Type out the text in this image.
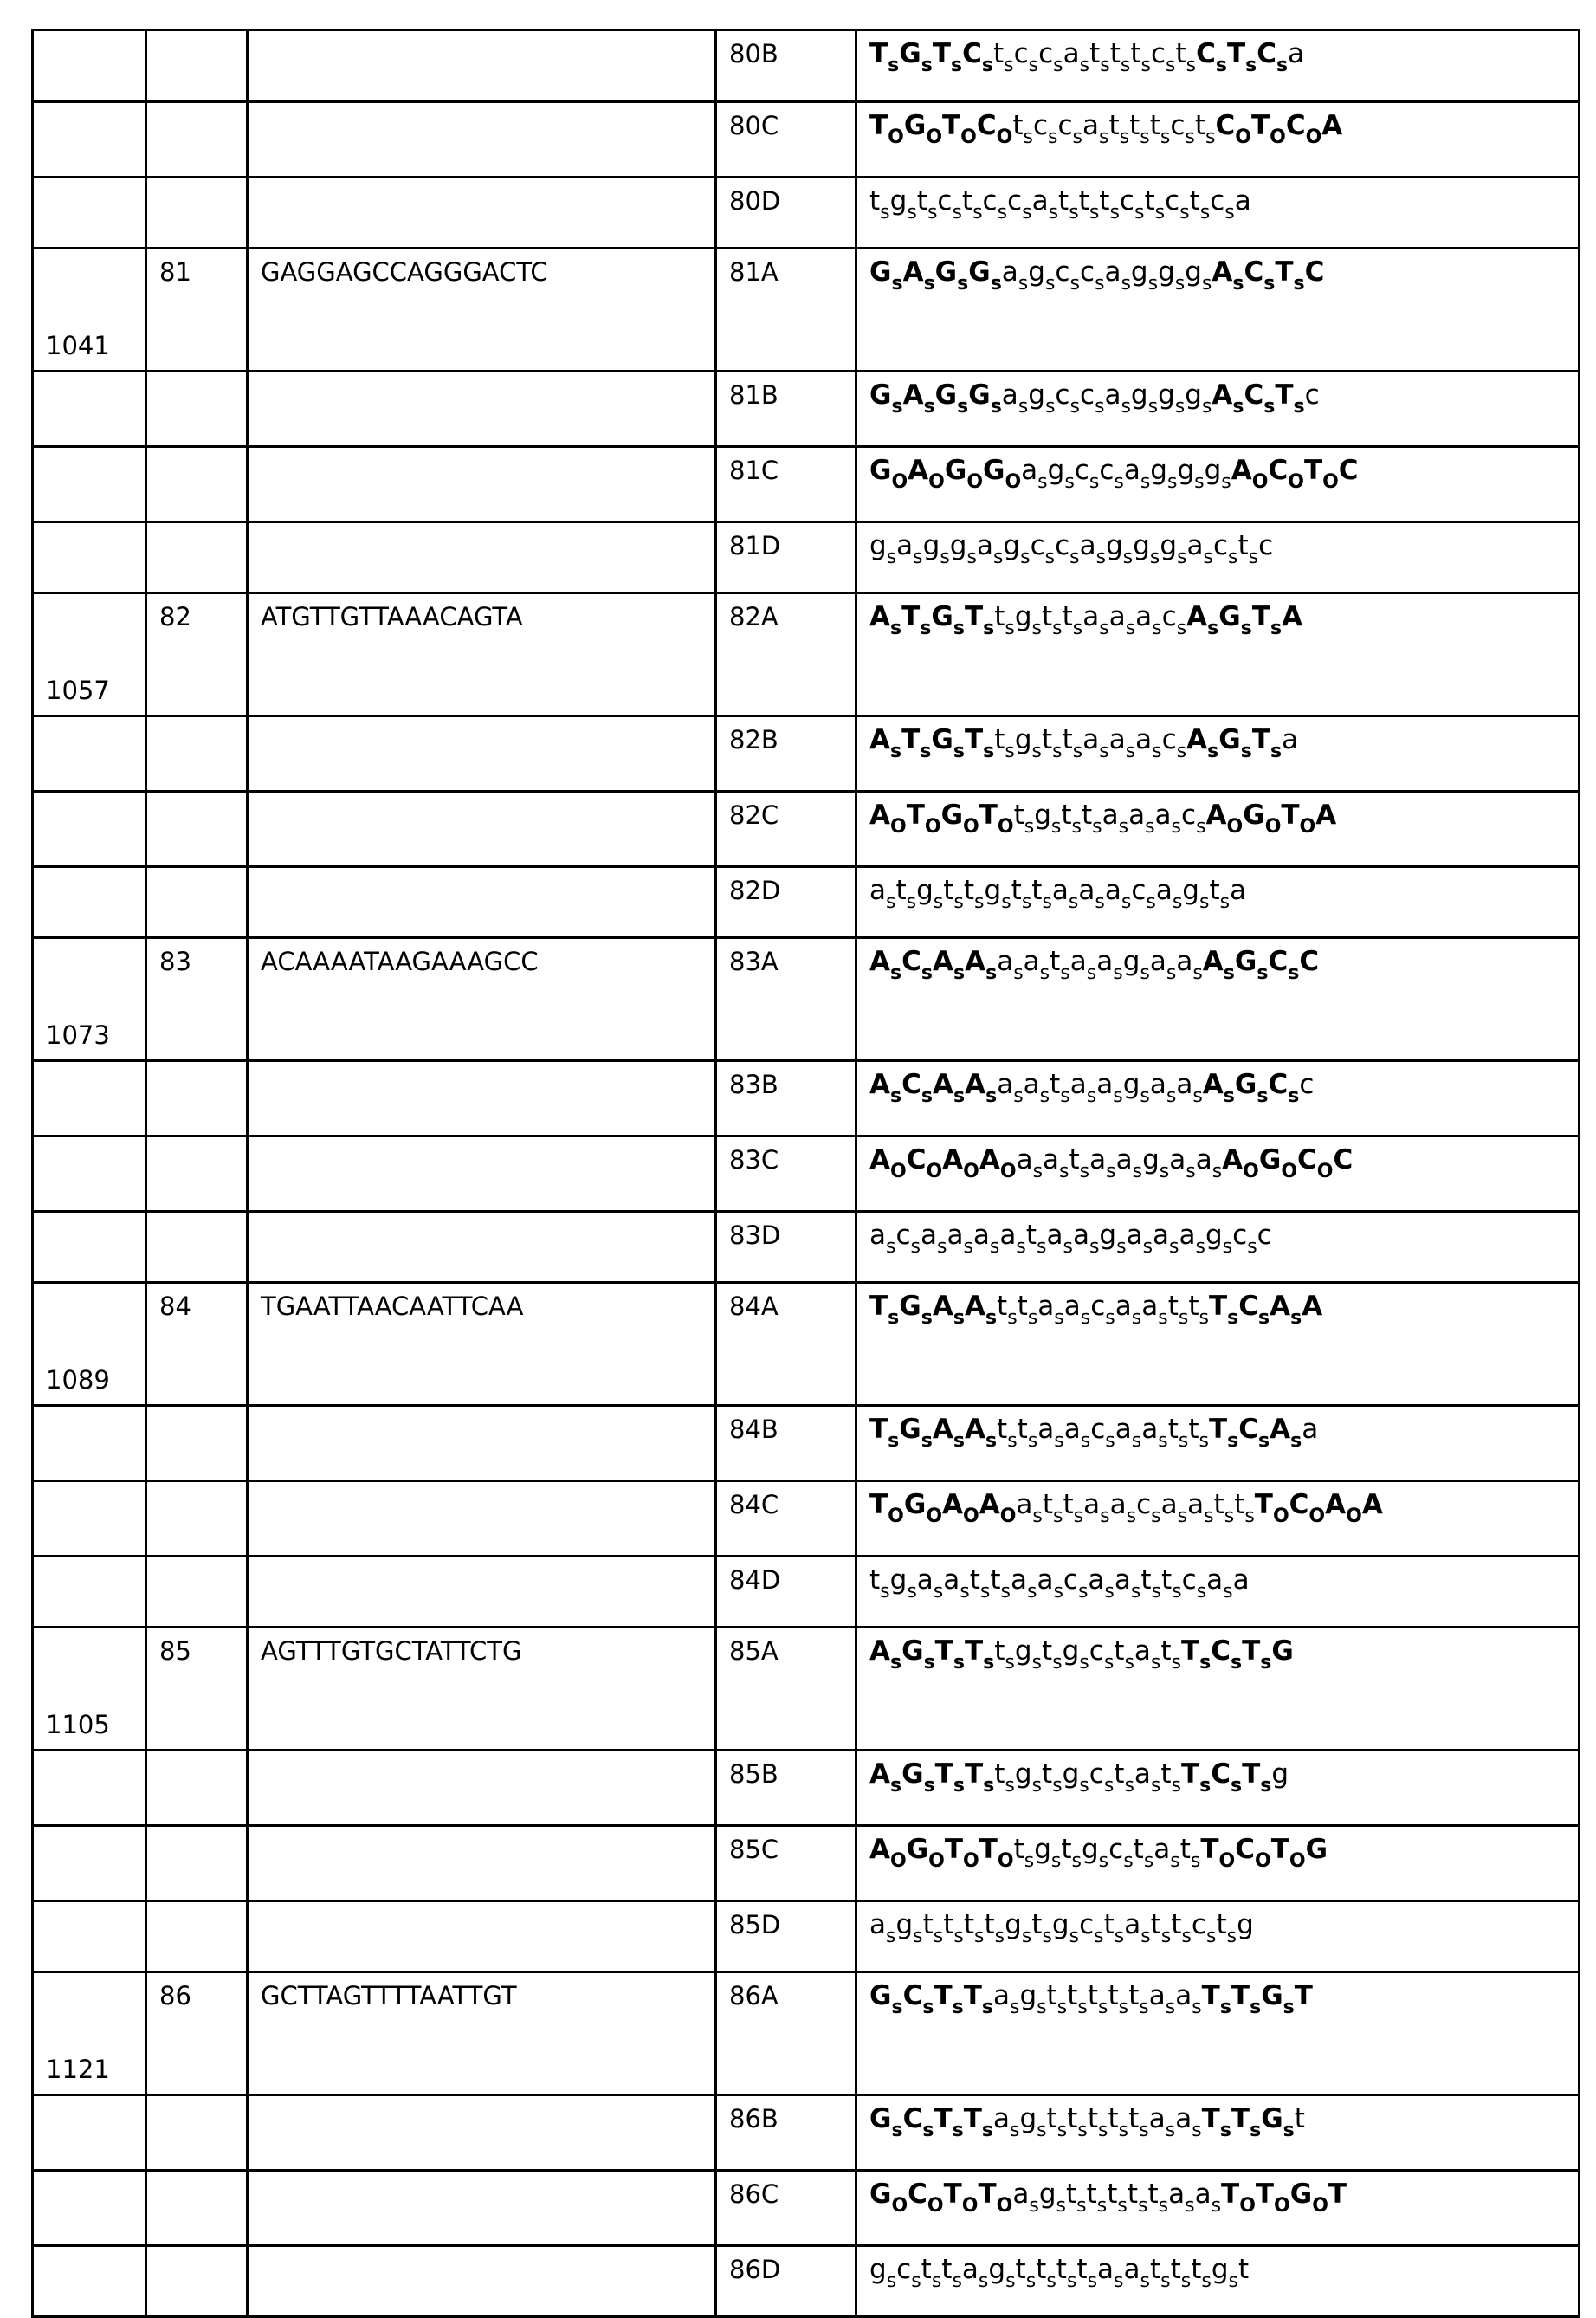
			80B	TsGsTsCstscscsastststscstsCsTsCsa
			80C	TOGOTOCOtscscsastststscstsCOTOCOA
			80D	tsgstscstscscsastststscstscstscsa
1041	81	GAGGAGCCAGGGACTC	81A	GsAsGsGsasgscscsasgsgsgsAsCsTsC
			81B	GsAsGsGsasgscscsasgsgsgsAsCsTsc
			81C	GOAOGOGOasgscscsasgsgsgsAOCOTOC
			81D	gsasgsgsasgscscsasgsgsgsascstsc
1057	82	ATGTTGTTAAACAGTA	82A	AsTsGsTstsgststsasasascsAsGsTsA
			82B	AsTsGsTstsgststsasasascsAsGsTsa
			82C	AOTOGOTOtsgststsasasascsAOGOTOA
			82D	astsgststsgststsasasascsasgstsa
1073	83	ACAAAATAAGAAAGCC	83A	AsCsAsAsasastsasasgsasasAsGsCsC
			83B	AsCsAsAsasastsasasgsasasAsGsCsc
			83C	AOCOAOAOasastsasasgsasasAOGOCOC
			83D	ascsasasasastsasasgsasasasgscsc
1089	84	TGAATTAACAATTCAA	84A	TsGsAsAststsasascsasaststsTsCsAsA
			84B	TsGsAsAststsasascsasaststsTsCsAsa
			84C	TOGOAOAOaststsasascsasaststsTOCOAOA
			84D	tsgsasaststsasascsasaststscsasa
1105	85	AGTTTGTGCTATTCTG	85A	AsGsTsTstsgstsgscstsastsTsCsTsG
			85B	AsGsTsTstsgstsgscstsastsTsCsTsg
			85C	AOGOTOTOtsgstsgscstsastsTOCOTOG
			85D	asgststststsgstsgscstsaststscstsg
1121	86	GCTTAGTTTTAATTGT	86A	GsCsTsTsasgstststststsasasTsTsGsT
			86B	GsCsTsTsasgstststststsasasTsTsGst
			86C	GOCOTOTOasgstststststsasasTOTOGOT
			86D	gscststsasgststststsasastststsgst
